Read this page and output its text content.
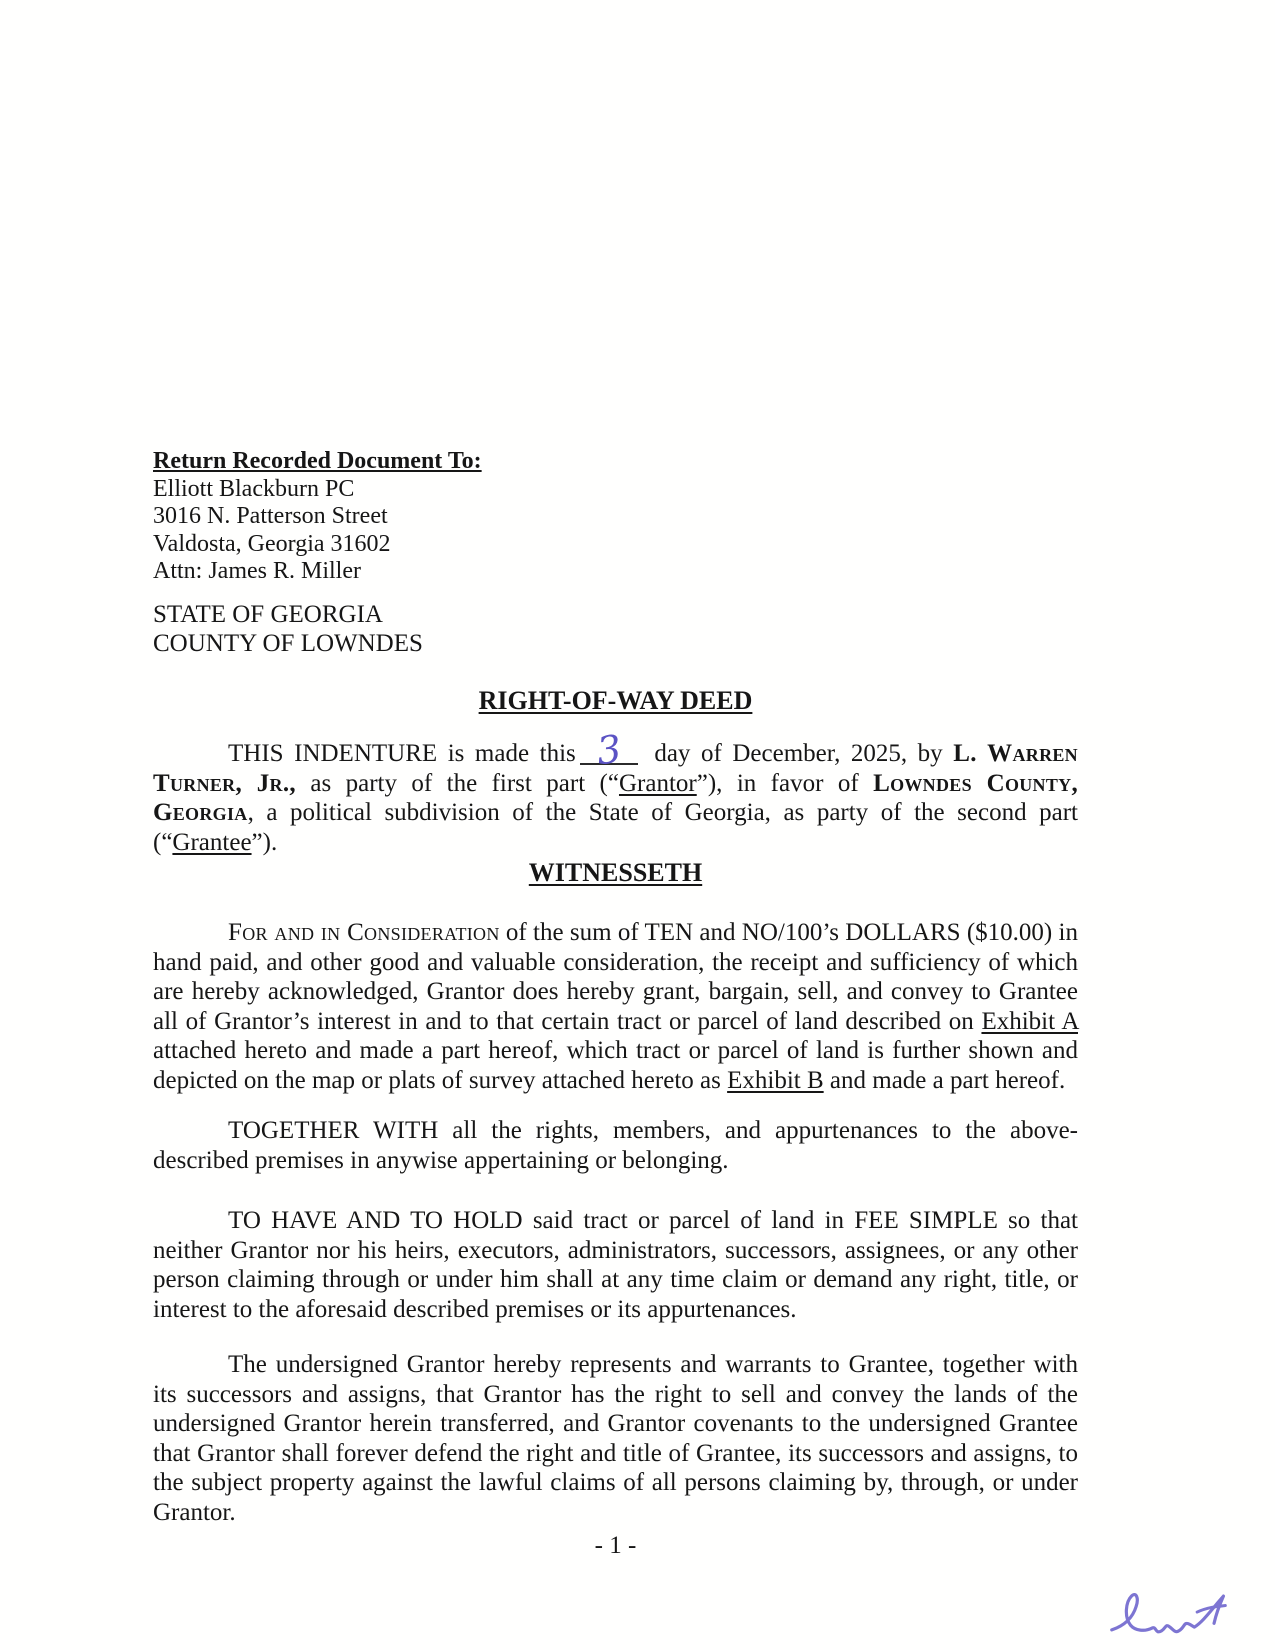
Return Recorded Document To:
Elliott Blackburn PC
3016 N. Patterson Street
Valdosta, Georgia 31602
Attn: James R. Miller
STATE OF GEORGIA
COUNTY OF LOWNDES
RIGHT-OF-WAY DEED

THIS INDENTURE is made this 3 day of December, 2025, by L. Warren Turner, Jr., as party of the first part (“Grantor”), in favor of Lowndes County, Georgia, a political subdivision of the State of Georgia, as party of the second part (“Grantee”).

WITNESSETH

For and in Consideration of the sum of TEN and NO/100’s DOLLARS ($10.00) in hand paid, and other good and valuable consideration, the receipt and sufficiency of which are hereby acknowledged, Grantor does hereby grant, bargain, sell, and convey to Grantee all of Grantor’s interest in and to that certain tract or parcel of land described on Exhibit A attached hereto and made a part hereof, which tract or parcel of land is further shown and depicted on the map or plats of survey attached hereto as Exhibit B and made a part hereof.

TOGETHER WITH all the rights, members, and appurtenances to the above-described premises in anywise appertaining or belonging.

TO HAVE AND TO HOLD said tract or parcel of land in FEE SIMPLE so that neither Grantor nor his heirs, executors, administrators, successors, assignees, or any other person claiming through or under him shall at any time claim or demand any right, title, or interest to the aforesaid described premises or its appurtenances.

The undersigned Grantor hereby represents and warrants to Grantee, together with its successors and assigns, that Grantor has the right to sell and convey the lands of the undersigned Grantor herein transferred, and Grantor covenants to the undersigned Grantee that Grantor shall forever defend the right and title of Grantee, its successors and assigns, to the subject property against the lawful claims of all persons claiming by, through, or under Grantor.

- 1 -
